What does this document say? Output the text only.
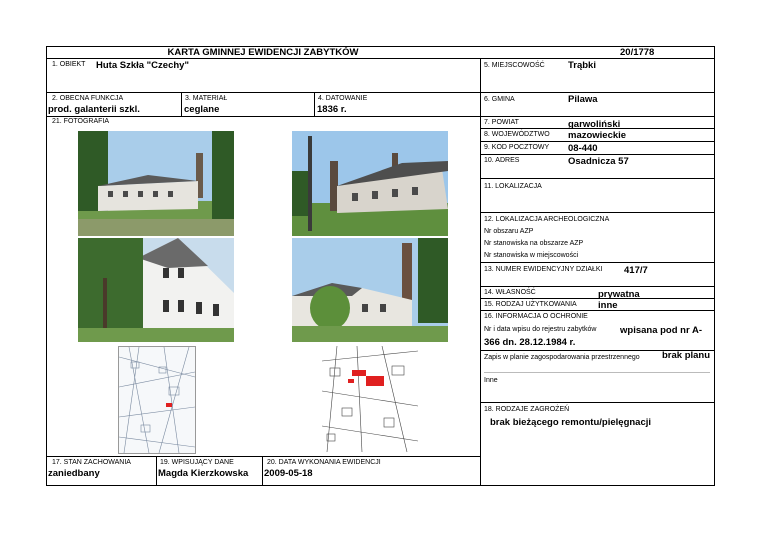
KARTA GMINNEJ EWIDENCJI ZABYTKÓW	20/1778
1. OBIEKT Huta Szkła "Czechy"
2. OBECNA FUNKCJA
prod. galanterii szkl.
3. MATERIAŁ
ceglane
4. DATOWANIE
1836 r.
21. FOTOGRAFIA
17. STAN ZACHOWANIA
zaniedbany
19. WPISUJĄCY DANE
Magda Kierzkowska
20. DATA WYKONANIA EWIDENCJI
2009-05-18
5. MIEJSCOWOŚĆ Trąbki
6. GMINA	Pilawa
7. POWIAT	garwoliński
8. WOJEWÓDZTWO mazowieckie
9. KOD POCZTOWY 08-440
10. ADRES	Osadnicza 57
11. LOKALIZACJA
12. LOKALIZACJA ARCHEOLOGICZNA
Nr obszaru AZP
Nr stanowiska na obszarze AZP
Nr stanowiska w miejscowości
13. NUMER EWIDENCYJNY DZIAŁKI 417/7
14. WŁASNOŚĆ	prywatna
15. RODZAJ UŻYTKOWANIA inne
16. INFORMACJA O OCHRONIE
Nr i data wpisu do rejestru zabytków wpisana pod nr A-
366 dn. 28.12.1984 r.
Zapis w planie zagospodarowania przestrzennego brak planu
Inne
18. RODZAJE ZAGROŻEŃ
brak bieżącego remontu/pielęgnacji
